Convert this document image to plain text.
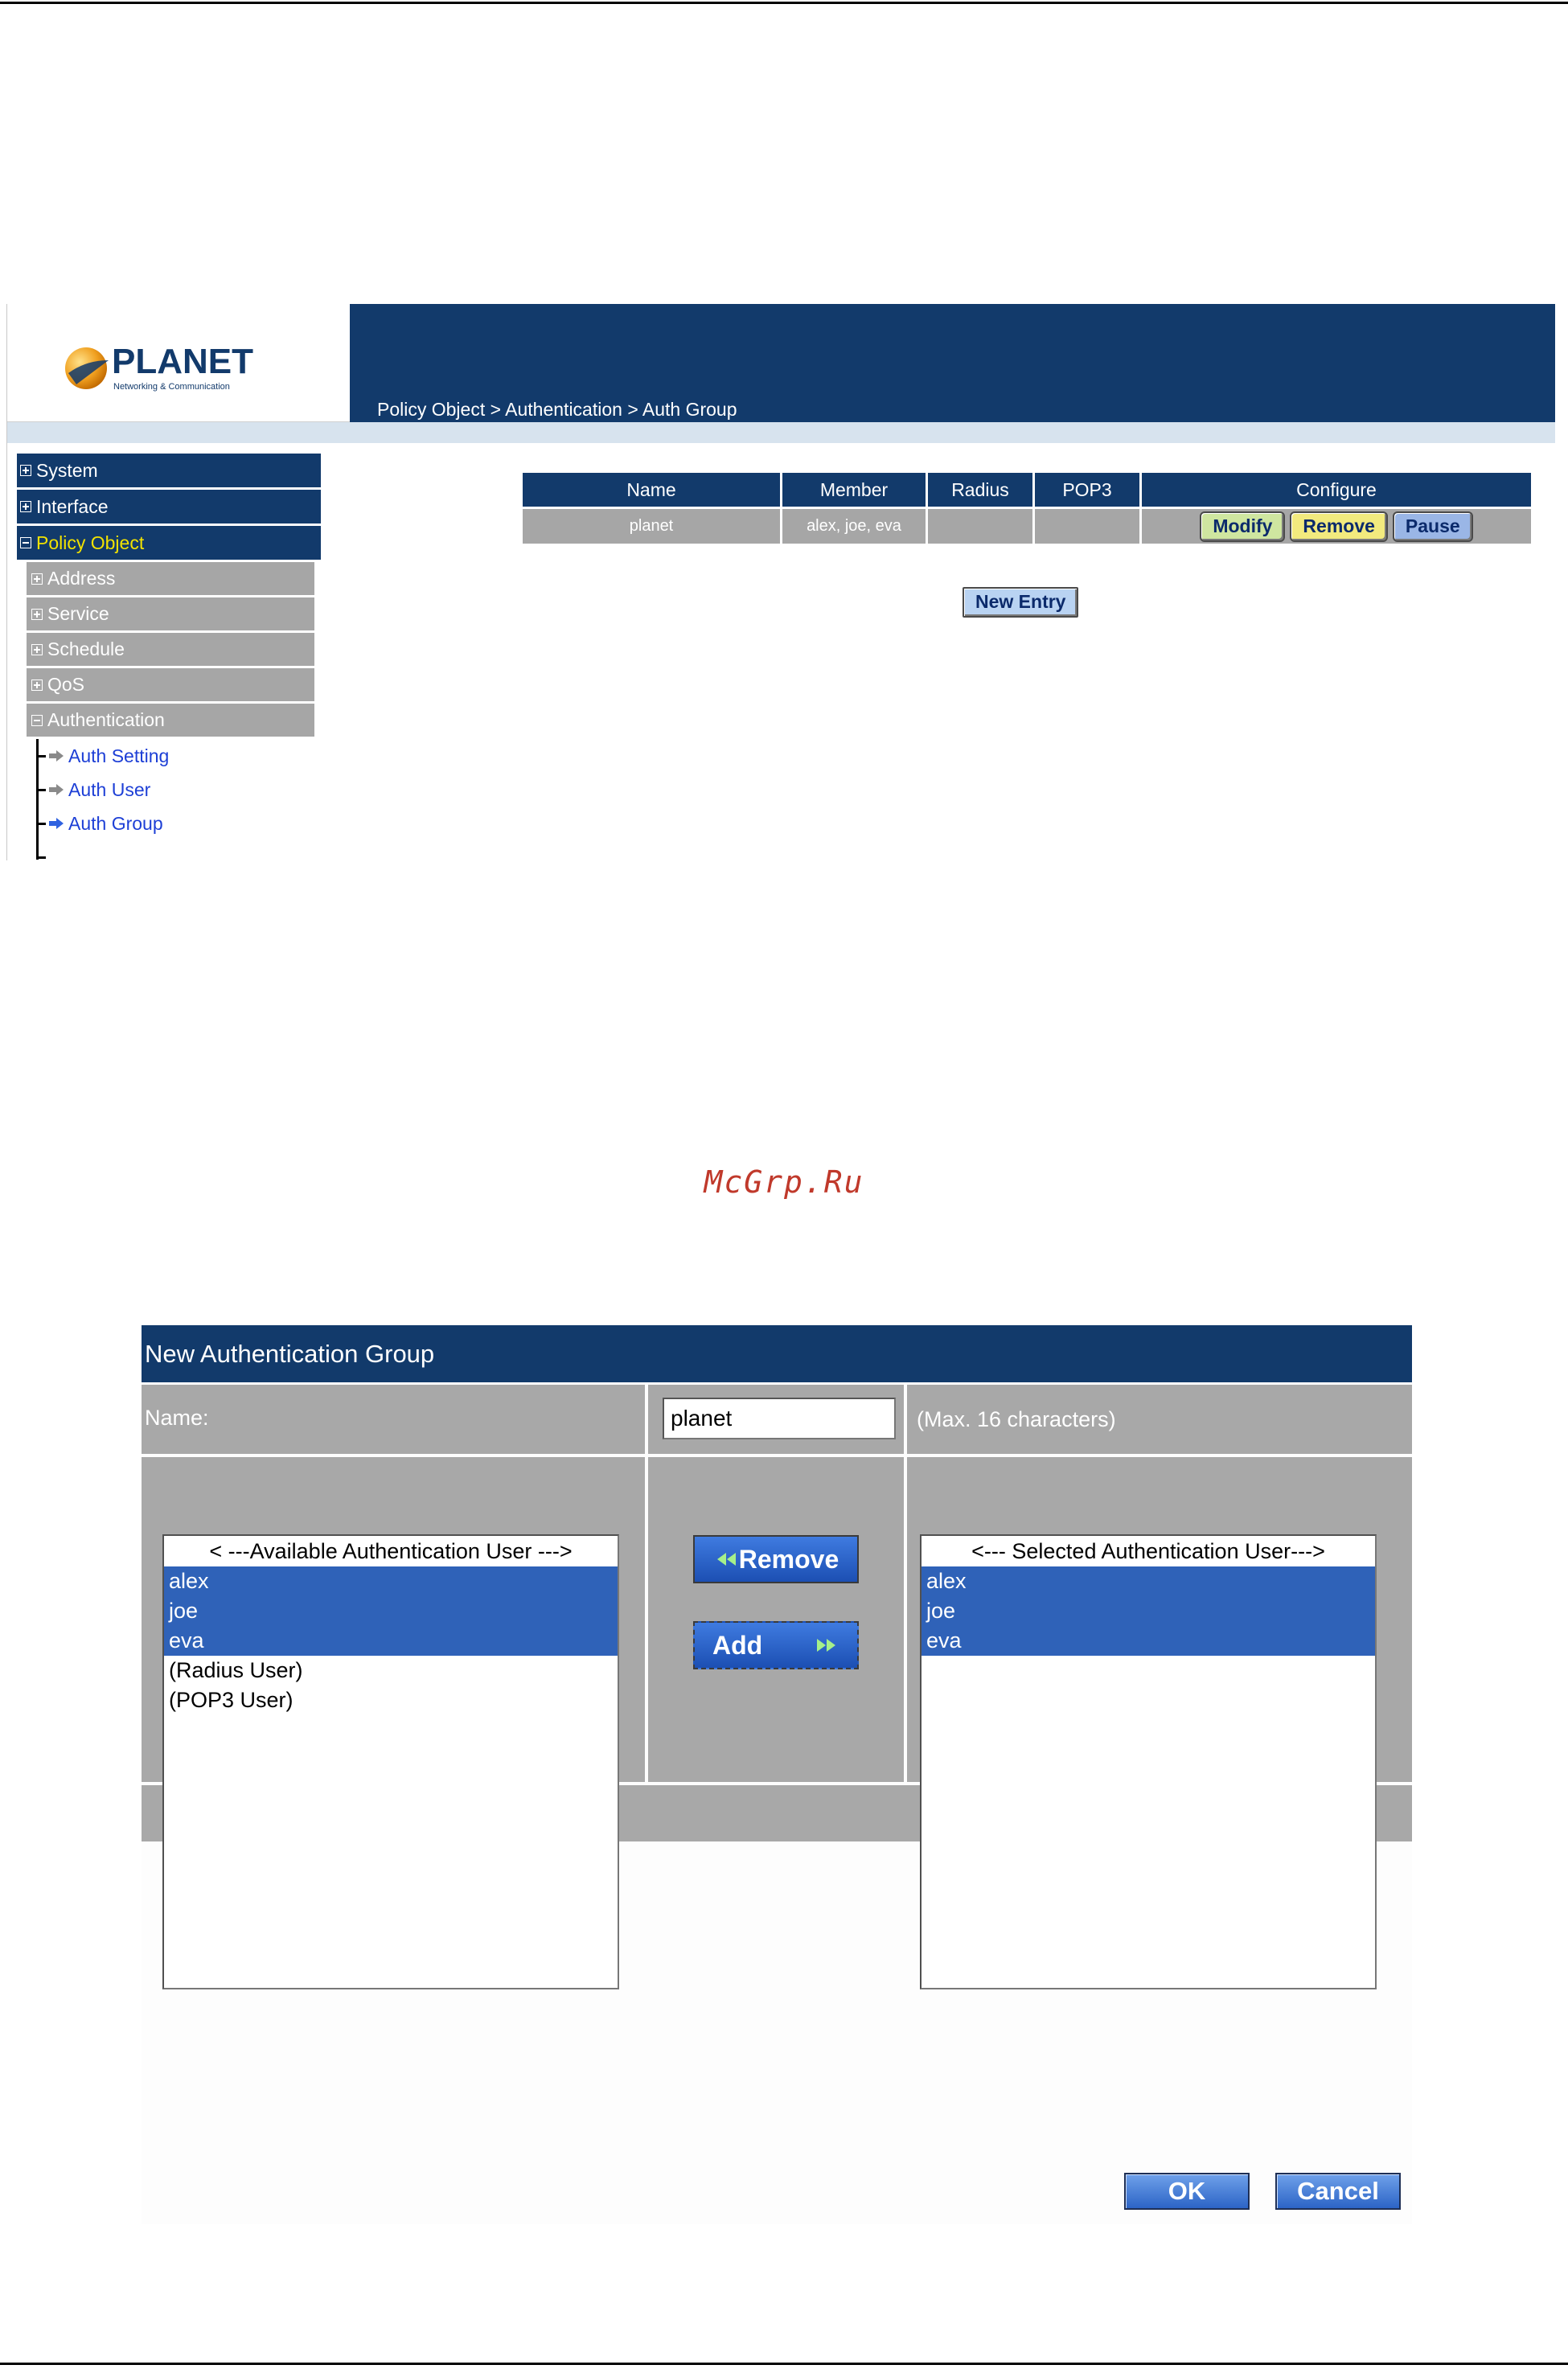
PLANET
Networking & Communication
Policy Object > Authentication > Auth Group
System
Interface
Policy Object
Address
Service
Schedule
QoS
Authentication
Auth Setting
Auth User
Auth Group
Name	Member	Radius	POP3	Configure
planet	alex, joe, eva			Modify Remove Pause
New Entry
McGrp.Ru
New Authentication Group
Name:	planet	(Max. 16 characters)
Remove
Add
< ---Available Authentication User --->
alex
joe
eva
(Radius User)
(POP3 User)
<--- Selected Authentication User--->
alex
joe
eva
OK	Cancel
